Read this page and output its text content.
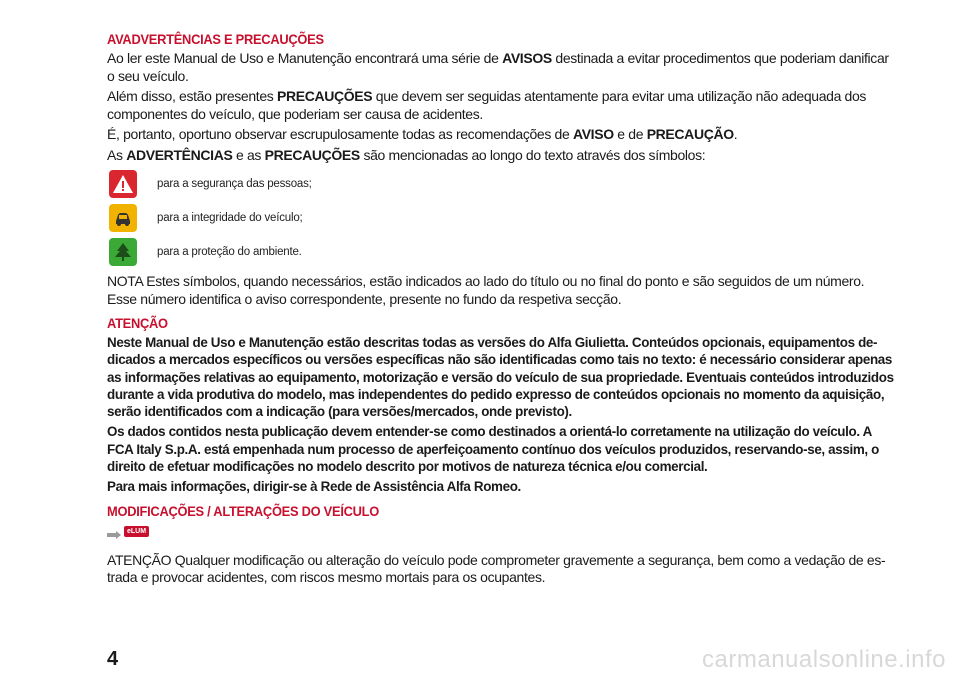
AVADVERTÊNCIAS E PRECAUÇÕES
Ao ler este Manual de Uso e Manutenção encontrará uma série de AVISOS destinada a evitar procedimentos que poderiam danificar o seu veículo.
Além disso, estão presentes PRECAUÇÕES que devem ser seguidas atentamente para evitar uma utilização não adequada dos componentes do veículo, que poderiam ser causa de acidentes.
É, portanto, oportuno observar escrupulosamente todas as recomendações de AVISO e de PRECAUÇÃO.
As ADVERTÊNCIAS e as PRECAUÇÕES são mencionadas ao longo do texto através dos símbolos:
para a segurança das pessoas;
para a integridade do veículo;
para a proteção do ambiente.
NOTA Estes símbolos, quando necessários, estão indicados ao lado do título ou no final do ponto e são seguidos de um número. Esse número identifica o aviso correspondente, presente no fundo da respetiva secção.
ATENÇÃO
Neste Manual de Uso e Manutenção estão descritas todas as versões do Alfa Giulietta. Conteúdos opcionais, equipamentos dedicados a mercados específicos ou versões específicas não são identificadas como tais no texto: é necessário considerar apenas as informações relativas ao equipamento, motorização e versão do veículo de sua propriedade. Eventuais conteúdos introduzidos durante a vida produtiva do modelo, mas independentes do pedido expresso de conteúdos opcionais no momento da aquisição, serão identificados com a indicação (para versões/mercados, onde previsto).
Os dados contidos nesta publicação devem entender-se como destinados a orientá-lo corretamente na utilização do veículo. A FCA Italy S.p.A. está empenhada num processo de aperfeiçoamento contínuo dos veículos produzidos, reservando-se, assim, o direito de efetuar modificações no modelo descrito por motivos de natureza técnica e/ou comercial.
Para mais informações, dirigir-se à Rede de Assistência Alfa Romeo.
MODIFICAÇÕES / ALTERAÇÕES DO VEÍCULO
eLUM
ATENÇÃO Qualquer modificação ou alteração do veículo pode comprometer gravemente a segurança, bem como a vedação de estrada e provocar acidentes, com riscos mesmo mortais para os ocupantes.
4	carmanualsonline.info
